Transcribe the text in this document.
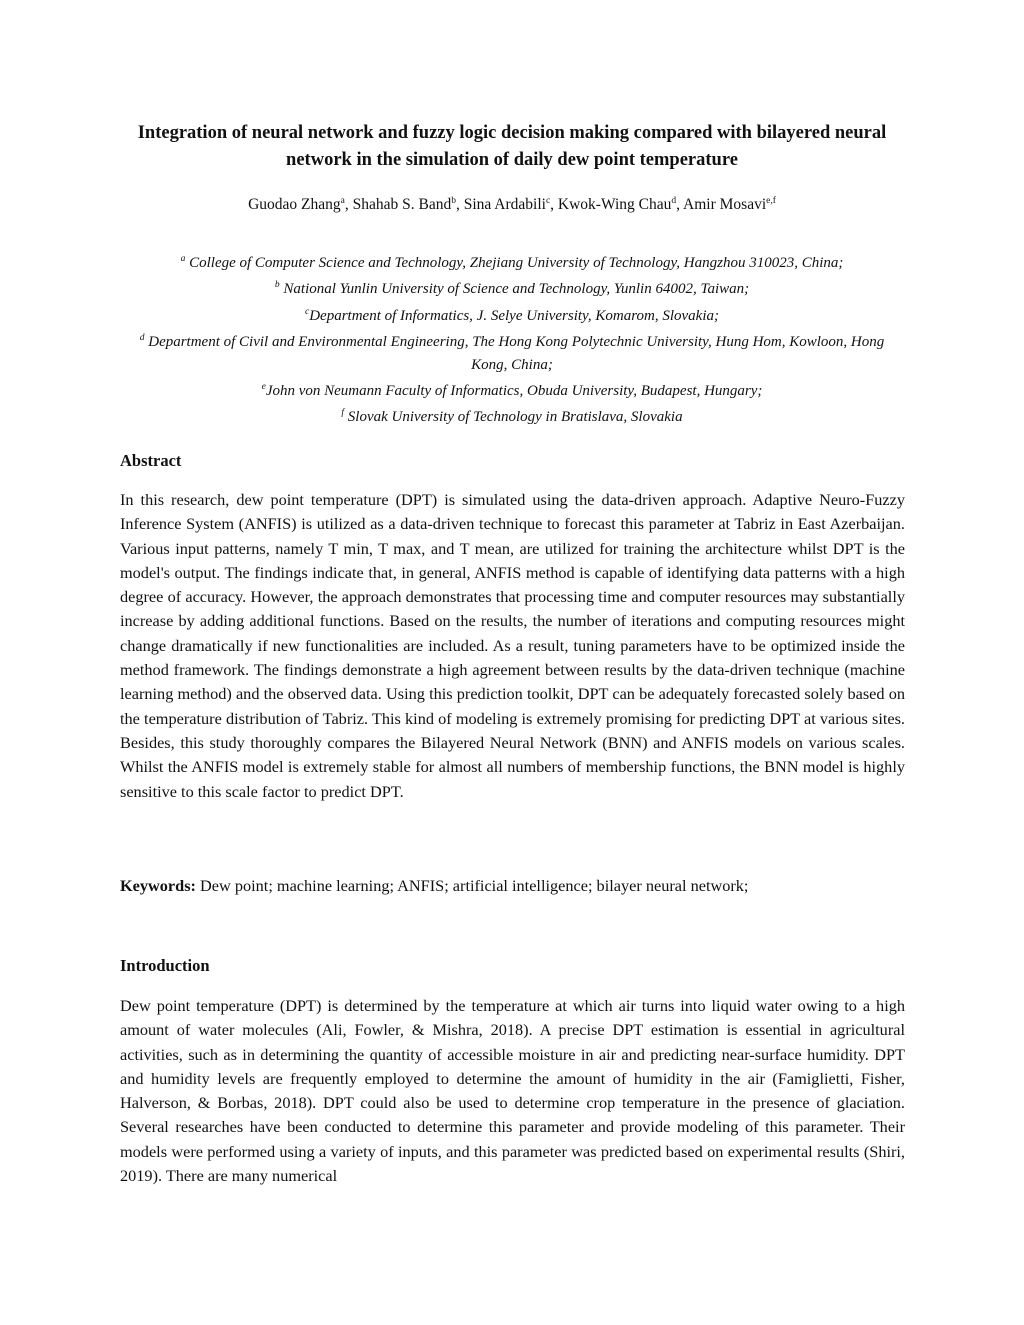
Integration of neural network and fuzzy logic decision making compared with bilayered neural network in the simulation of daily dew point temperature
Guodao Zhang$^a$, Shahab S. Band$^b$, Sina Ardabili$^c$, Kwok-Wing Chau$^d$, Amir Mosavi$^{e,f}$
$^a$ College of Computer Science and Technology, Zhejiang University of Technology, Hangzhou 310023, China;
$^b$ National Yunlin University of Science and Technology, Yunlin 64002, Taiwan;
$^c$Department of Informatics, J. Selye University, Komarom, Slovakia;
$^d$ Department of Civil and Environmental Engineering, The Hong Kong Polytechnic University, Hung Hom, Kowloon, Hong Kong, China;
$^e$John von Neumann Faculty of Informatics, Obuda University, Budapest, Hungary;
$^f$ Slovak University of Technology in Bratislava, Slovakia
Abstract

In this research, dew point temperature (DPT) is simulated using the data-driven approach. Adaptive Neuro-Fuzzy Inference System (ANFIS) is utilized as a data-driven technique to forecast this parameter at Tabriz in East Azerbaijan. Various input patterns, namely T min, T max, and T mean, are utilized for training the architecture whilst DPT is the model's output. The findings indicate that, in general, ANFIS method is capable of identifying data patterns with a high degree of accuracy. However, the approach demonstrates that processing time and computer resources may substantially increase by adding additional functions. Based on the results, the number of iterations and computing resources might change dramatically if new functionalities are included. As a result, tuning parameters have to be optimized inside the method framework. The findings demonstrate a high agreement between results by the data-driven technique (machine learning method) and the observed data. Using this prediction toolkit, DPT can be adequately forecasted solely based on the temperature distribution of Tabriz. This kind of modeling is extremely promising for predicting DPT at various sites. Besides, this study thoroughly compares the Bilayered Neural Network (BNN) and ANFIS models on various scales. Whilst the ANFIS model is extremely stable for almost all numbers of membership functions, the BNN model is highly sensitive to this scale factor to predict DPT.

Keywords: Dew point; machine learning; ANFIS; artificial intelligence; bilayer neural network;

Introduction

Dew point temperature (DPT) is determined by the temperature at which air turns into liquid water owing to a high amount of water molecules (Ali, Fowler, & Mishra, 2018). A precise DPT estimation is essential in agricultural activities, such as in determining the quantity of accessible moisture in air and predicting near-surface humidity. DPT and humidity levels are frequently employed to determine the amount of humidity in the air (Famiglietti, Fisher, Halverson, & Borbas, 2018). DPT could also be used to determine crop temperature in the presence of glaciation. Several researches have been conducted to determine this parameter and provide modeling of this parameter. Their models were performed using a variety of inputs, and this parameter was predicted based on experimental results (Shiri, 2019). There are many numerical
